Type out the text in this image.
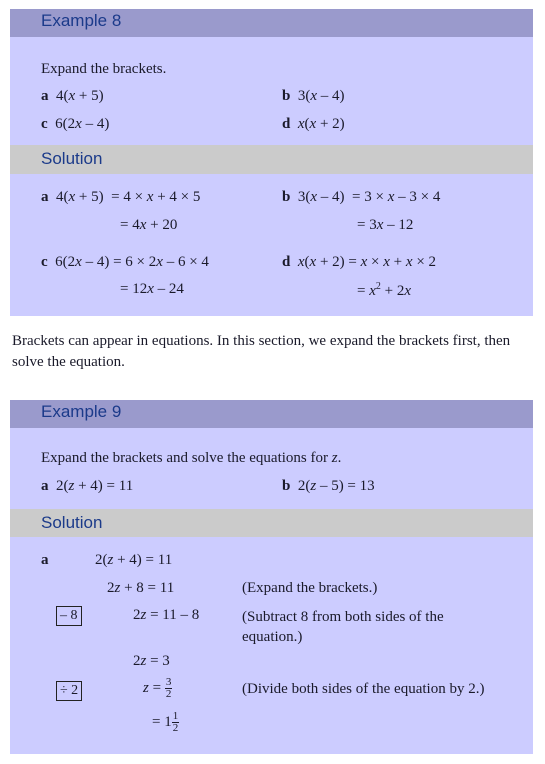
Example 8
Expand the brackets.
a 4(x + 5)	b 3(x – 4)
c 6(2x – 4)	d x(x + 2)
Solution
a  4(x + 5)  = 4 × x + 4 × 5
= 4x + 20
b  3(x – 4)  = 3 × x – 3 × 4
= 3x – 12
c  6(2x – 4) = 6 × 2x – 6 × 4
= 12x – 24
d x(x + 2) = x × x + x × 2
= $x^2 + 2x$
Brackets can appear in equations. In this section, we expand the brackets first, then solve the equation.
Example 9
Expand the brackets and solve the equations for z.
a  2(z + 4) = 11	b  2(z – 5) = 13
Solution
a	2(z + 4) = 11
2z + 8 = 11	(Expand the brackets.)
– 8	2z = 11 – 8	(Subtract 8 from both sides of the
equation.)
2z = 3
÷ 2	$z = \frac{3}{2}$	(Divide both sides of the equation by 2.)
= $1 \frac{1}{2}$
